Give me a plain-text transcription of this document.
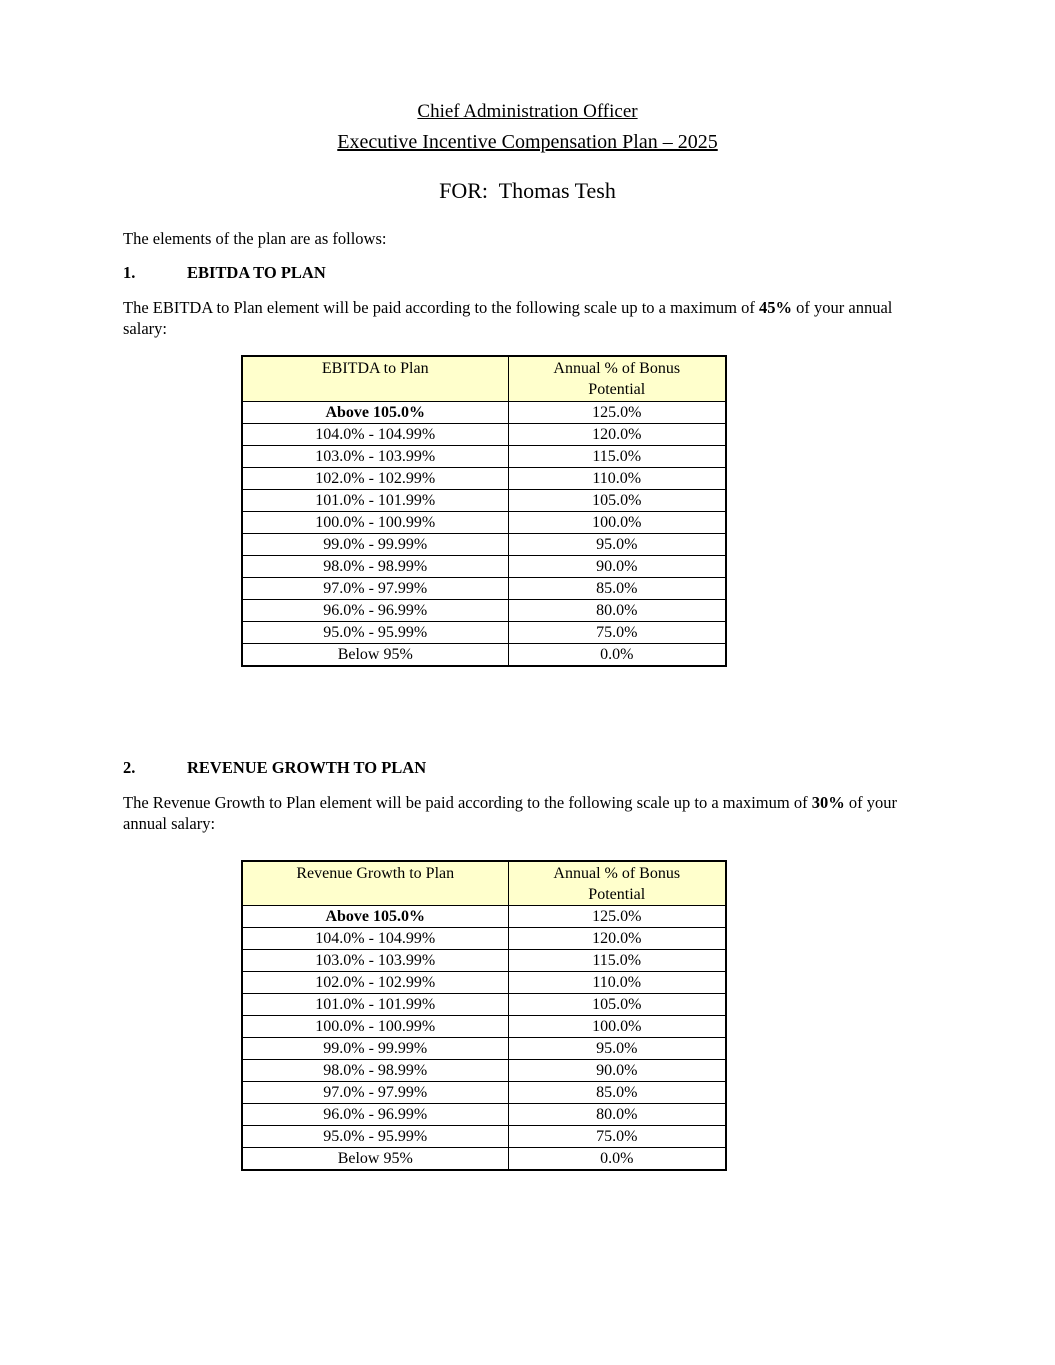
Chief Administration Officer
Executive Incentive Compensation Plan – 2025
FOR:  Thomas Tesh

The elements of the plan are as follows:

1.	EBITDA TO PLAN

The EBITDA to Plan element will be paid according to the following scale up to a maximum of 45% of your annual salary:

EBITDA to Plan	Annual % of Bonus
Potential

Above 105.0%	125.0%
104.0% - 104.99%	120.0%
103.0% - 103.99%	115.0%
102.0% - 102.99%	110.0%
101.0% - 101.99%	105.0%
100.0% - 100.99%	100.0%
99.0% - 99.99%	95.0%
98.0% - 98.99%	90.0%
97.0% - 97.99%	85.0%
96.0% - 96.99%	80.0%
95.0% - 95.99%	75.0%
Below 95%	0.0%
2.	REVENUE GROWTH TO PLAN

The Revenue Growth to Plan element will be paid according to the following scale up to a maximum of 30% of your annual salary:

Revenue Growth to Plan	Annual % of Bonus
Potential

Above 105.0%	125.0%
104.0% - 104.99%	120.0%
103.0% - 103.99%	115.0%
102.0% - 102.99%	110.0%
101.0% - 101.99%	105.0%
100.0% - 100.99%	100.0%
99.0% - 99.99%	95.0%
98.0% - 98.99%	90.0%
97.0% - 97.99%	85.0%
96.0% - 96.99%	80.0%
95.0% - 95.99%	75.0%
Below 95%	0.0%
